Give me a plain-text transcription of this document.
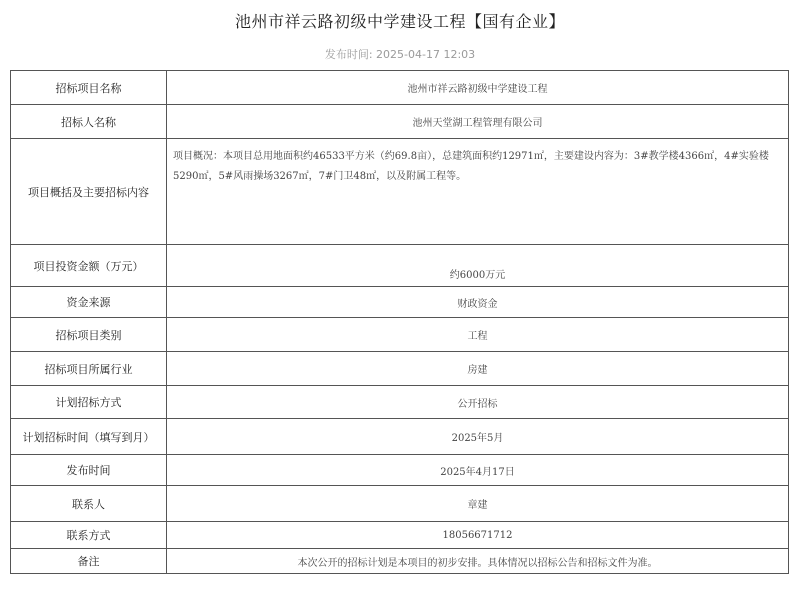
池州市祥云路初级中学建设工程【国有企业】
发布时间: 2025-04-17 12:03
招标项目名称	池州市祥云路初级中学建设工程
招标人名称	池州天堂湖工程管理有限公司
项目概括及主要招标内容	项目概况：本项目总用地面积约46533平方米（约69.8亩），总建筑面积约12971㎡，主要建设内容为：3#教学楼4366㎡，4#实验楼5290㎡，5#风雨操场3267㎡，7#门卫48㎡，以及附属工程等。
项目投资金额（万元）	约6000万元
资金来源	财政资金
招标项目类别	工程
招标项目所属行业	房建
计划招标方式	公开招标
计划招标时间（填写到月）	2025年5月
发布时间	2025年4月17日
联系人	章建
联系方式	18056671712
备注	本次公开的招标计划是本项目的初步安排。具体情况以招标公告和招标文件为准。
